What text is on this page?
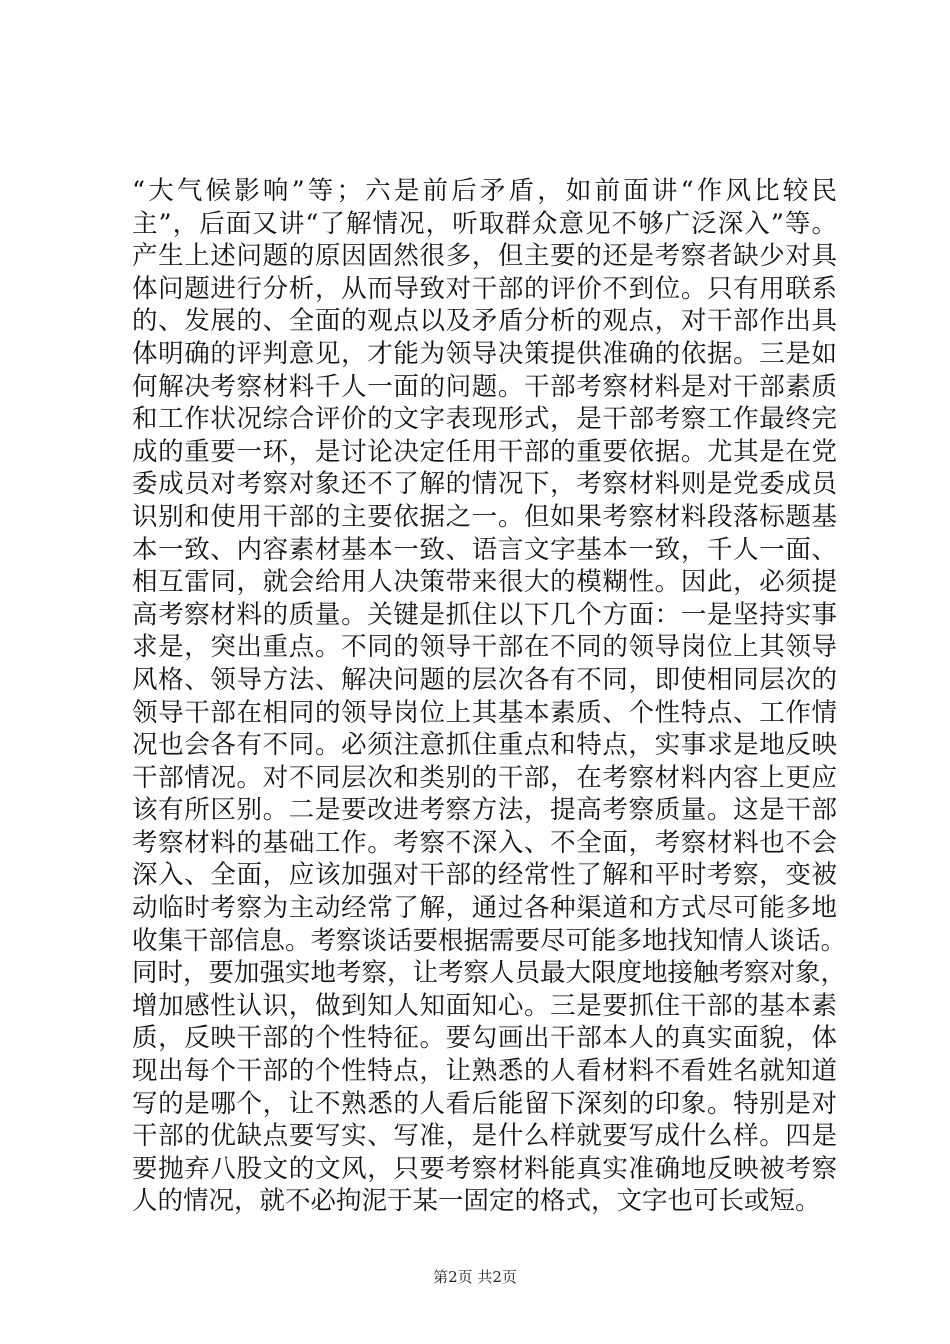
“大气候影响”等；六是前后矛盾，如前面讲“作风比较民
主”，后面又讲“了解情况，听取群众意见不够广泛深入”等。
产生上述问题的原因固然很多，但主要的还是考察者缺少对具
体问题进行分析，从而导致对干部的评价不到位。只有用联系
的、发展的、全面的观点以及矛盾分析的观点，对干部作出具
体明确的评判意见，才能为领导决策提供准确的依据。三是如
何解决考察材料千人一面的问题。干部考察材料是对干部素质
和工作状况综合评价的文字表现形式，是干部考察工作最终完
成的重要一环，是讨论决定任用干部的重要依据。尤其是在党
委成员对考察对象还不了解的情况下，考察材料则是党委成员
识别和使用干部的主要依据之一。但如果考察材料段落标题基
本一致、内容素材基本一致、语言文字基本一致，千人一面、
相互雷同，就会给用人决策带来很大的模糊性。因此，必须提
高考察材料的质量。关键是抓住以下几个方面：一是坚持实事
求是，突出重点。不同的领导干部在不同的领导岗位上其领导
风格、领导方法、解决问题的层次各有不同，即使相同层次的
领导干部在相同的领导岗位上其基本素质、个性特点、工作情
况也会各有不同。必须注意抓住重点和特点，实事求是地反映
干部情况。对不同层次和类别的干部，在考察材料内容上更应
该有所区别。二是要改进考察方法，提高考察质量。这是干部
考察材料的基础工作。考察不深入、不全面，考察材料也不会
深入、全面，应该加强对干部的经常性了解和平时考察，变被
动临时考察为主动经常了解，通过各种渠道和方式尽可能多地
收集干部信息。考察谈话要根据需要尽可能多地找知情人谈话。
同时，要加强实地考察，让考察人员最大限度地接触考察对象，
增加感性认识，做到知人知面知心。三是要抓住干部的基本素
质，反映干部的个性特征。要勾画出干部本人的真实面貌，体
现出每个干部的个性特点，让熟悉的人看材料不看姓名就知道
写的是哪个，让不熟悉的人看后能留下深刻的印象。特别是对
干部的优缺点要写实、写准，是什么样就要写成什么样。四是
要抛弃八股文的文风，只要考察材料能真实准确地反映被考察
人的情况，就不必拘泥于某一固定的格式，文字也可长或短。
第2页 共2页
